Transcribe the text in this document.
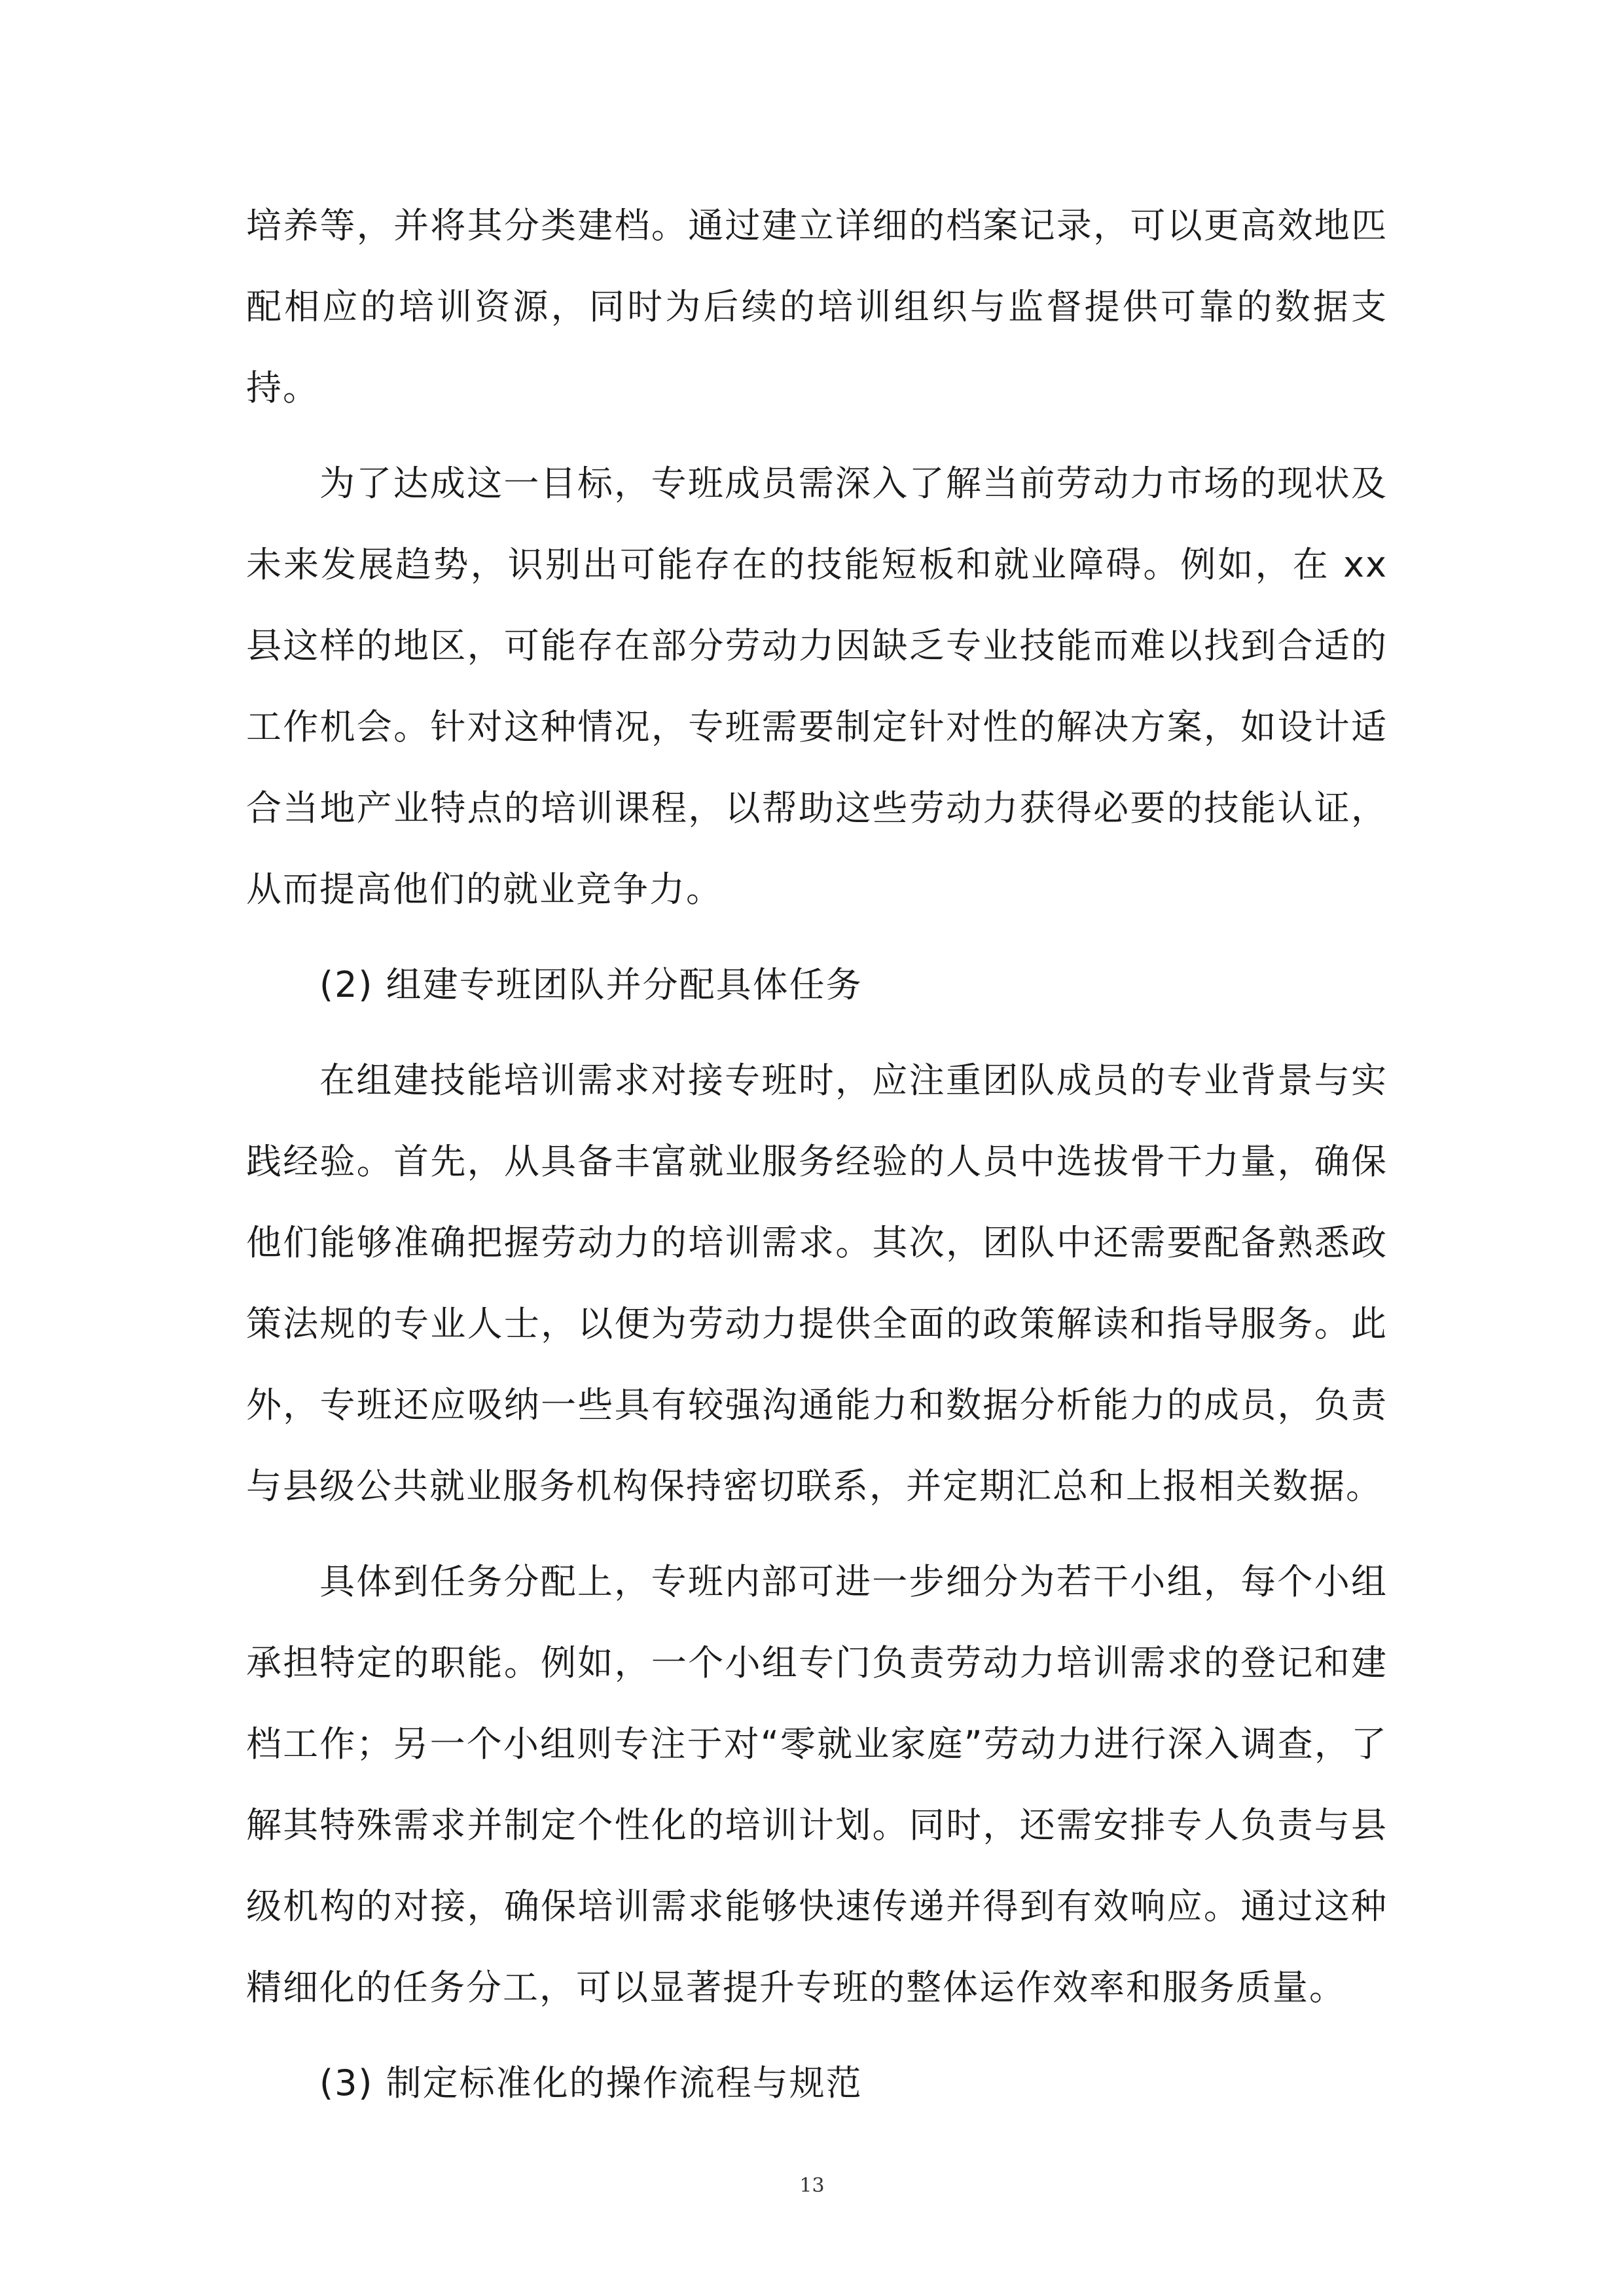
培养等，并将其分类建档。通过建立详细的档案记录，可以更高效地匹配相应的培训资源，同时为后续的培训组织与监督提供可靠的数据支持。

为了达成这一目标，专班成员需深入了解当前劳动力市场的现状及未来发展趋势，识别出可能存在的技能短板和就业障碍。例如，在 xx 县这样的地区，可能存在部分劳动力因缺乏专业技能而难以找到合适的工作机会。针对这种情况，专班需要制定针对性的解决方案，如设计适合当地产业特点的培训课程，以帮助这些劳动力获得必要的技能认证，从而提高他们的就业竞争力。

(2) 组建专班团队并分配具体任务

在组建技能培训需求对接专班时，应注重团队成员的专业背景与实践经验。首先，从具备丰富就业服务经验的人员中选拔骨干力量，确保他们能够准确把握劳动力的培训需求。其次，团队中还需要配备熟悉政策法规的专业人士，以便为劳动力提供全面的政策解读和指导服务。此外，专班还应吸纳一些具有较强沟通能力和数据分析能力的成员，负责与县级公共就业服务机构保持密切联系，并定期汇总和上报相关数据。

具体到任务分配上，专班内部可进一步细分为若干小组，每个小组承担特定的职能。例如，一个小组专门负责劳动力培训需求的登记和建档工作；另一个小组则专注于对“零就业家庭”劳动力进行深入调查，了解其特殊需求并制定个性化的培训计划。同时，还需安排专人负责与县级机构的对接，确保培训需求能够快速传递并得到有效响应。通过这种精细化的任务分工，可以显著提升专班的整体运作效率和服务质量。

(3) 制定标准化的操作流程与规范

13
